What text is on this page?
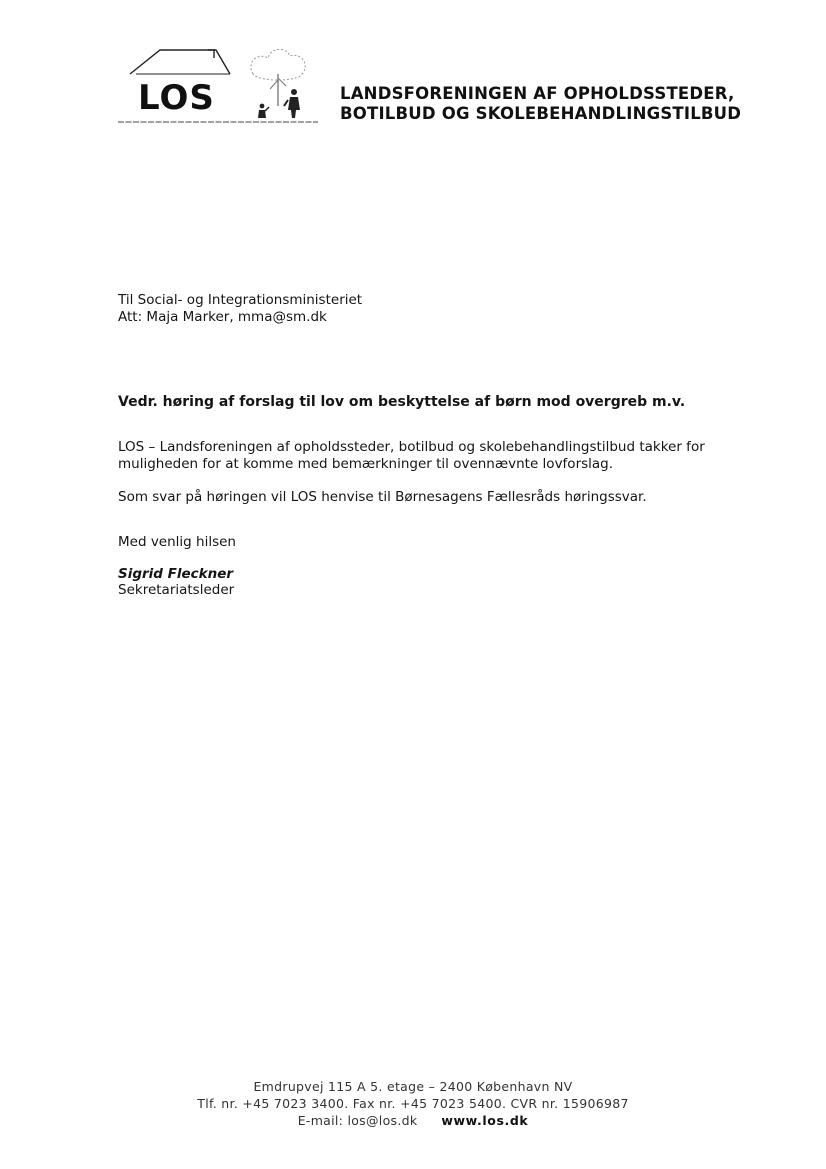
LOS	LANDSFORENINGEN AF OPHOLDSSTEDER,
BOTILBUD OG SKOLEBEHANDLINGSTILBUD
Til Social- og Integrationsministeriet
Att: Maja Marker, mma@sm.dk
Vedr. høring af forslag til lov om beskyttelse af børn mod overgreb m.v.
LOS – Landsforeningen af opholdssteder, botilbud og skolebehandlingstilbud takker for
muligheden for at komme med bemærkninger til ovennævnte lovforslag.
Som svar på høringen vil LOS henvise til Børnesagens Fællesråds høringssvar.
Med venlig hilsen
Sigrid Fleckner
Sekretariatsleder
Emdrupvej 115 A 5. etage – 2400 København NV
Tlf. nr. +45 7023 3400. Fax nr. +45 7023 5400. CVR nr. 15906987
E-mail: los@los.dk www.los.dk
